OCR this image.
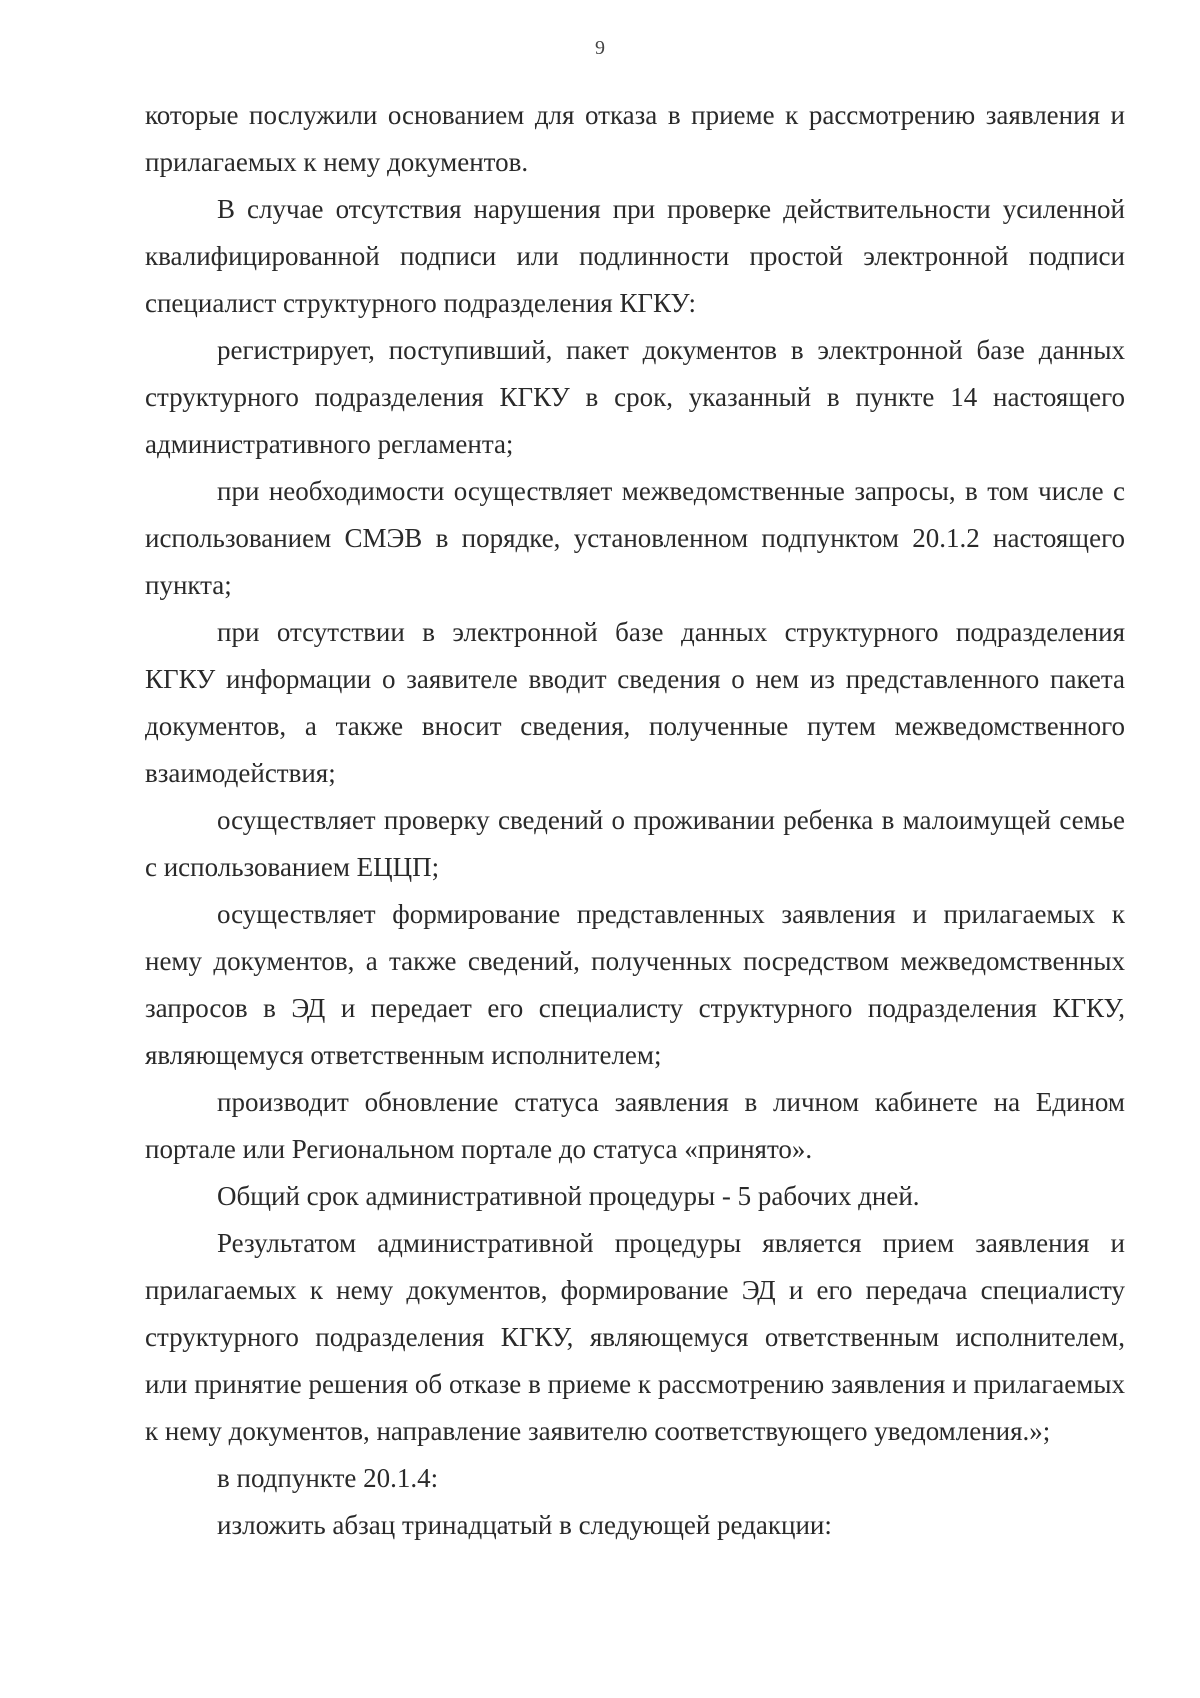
9

которые послужили основанием для отказа в приеме к рассмотрению заявления и прилагаемых к нему документов.

В случае отсутствия нарушения при проверке действительности усиленной квалифицированной подписи или подлинности простой электронной подписи специалист структурного подразделения КГКУ:

регистрирует, поступивший, пакет документов в электронной базе данных структурного подразделения КГКУ в срок, указанный в пункте 14 настоящего административного регламента;

при необходимости осуществляет межведомственные запросы, в том числе с использованием СМЭВ в порядке, установленном подпунктом 20.1.2 настоящего пункта;

при отсутствии в электронной базе данных структурного подразделения КГКУ информации о заявителе вводит сведения о нем из представленного пакета документов, а также вносит сведения, полученные путем межведомственного взаимодействия;

осуществляет проверку сведений о проживании ребенка в малоимущей семье с использованием ЕЦЦП;

осуществляет формирование представленных заявления и прилагаемых к нему документов, а также сведений, полученных посредством межведомственных запросов в ЭД и передает его специалисту структурного подразделения КГКУ, являющемуся ответственным исполнителем;

производит обновление статуса заявления в личном кабинете на Едином портале или Региональном портале до статуса «принято».

Общий срок административной процедуры - 5 рабочих дней.

Результатом административной процедуры является прием заявления и прилагаемых к нему документов, формирование ЭД и его передача специалисту структурного подразделения КГКУ, являющемуся ответственным исполнителем, или принятие решения об отказе в приеме к рассмотрению заявления и прилагаемых к нему документов, направление заявителю соответствующего уведомления.»;

в подпункте 20.1.4:

изложить абзац тринадцатый в следующей редакции:
